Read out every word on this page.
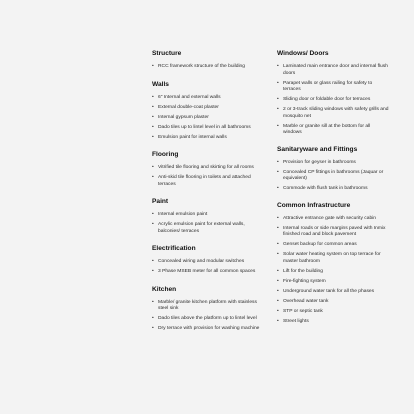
Structure
• RCC framework structure of the building
Walls
• 6" Internal and external walls
• External double-coat plaster
• Internal gypsum plaster
• Dado tiles up to lintel level in all bathrooms
• Emulsion paint for internal walls
Flooring
• Vitrified tile flooring and skirting for all rooms
• Anti-skid tile flooring in toilets and attached terraces
Paint
• Internal emulsion paint
• Acrylic emulsion paint for external walls, balconies/ terraces
Electrification
• Concealed wiring and modular switches
• 3 Phase MSEB meter for all common spaces
Kitchen
• Marble/ granite kitchen platform with stainless steel sink
• Dado tiles above the platform up to lintel level
• Dry terrace with provision for washing machine
Windows/ Doors
• Laminated main entrance door and internal flush doors
• Parapet walls or glass railing for safety to terraces
• Sliding door or foldable door for terraces
• 2 or 3-track sliding windows with safety grills and mosquito net
• Marble or granite sill at the bottom for all windows
Sanitaryware and Fittings
• Provision for geyser in bathrooms
• Concealed CP fittings in bathrooms (Jaquar or equivalent)
• Commode with flush tank in bathrooms
Common Infrastructure
• Attractive entrance gate with security cabin
• Internal roads or side margins paved with Inmix finished road and block pavement
• Genset backup for common areas
• Solar water heating system on top terrace for master bathroom
• Lift for the building
• Fire-fighting system
• Underground water tank for all the phases
• Overhead water tank
• STP or septic tank
• Street lights
